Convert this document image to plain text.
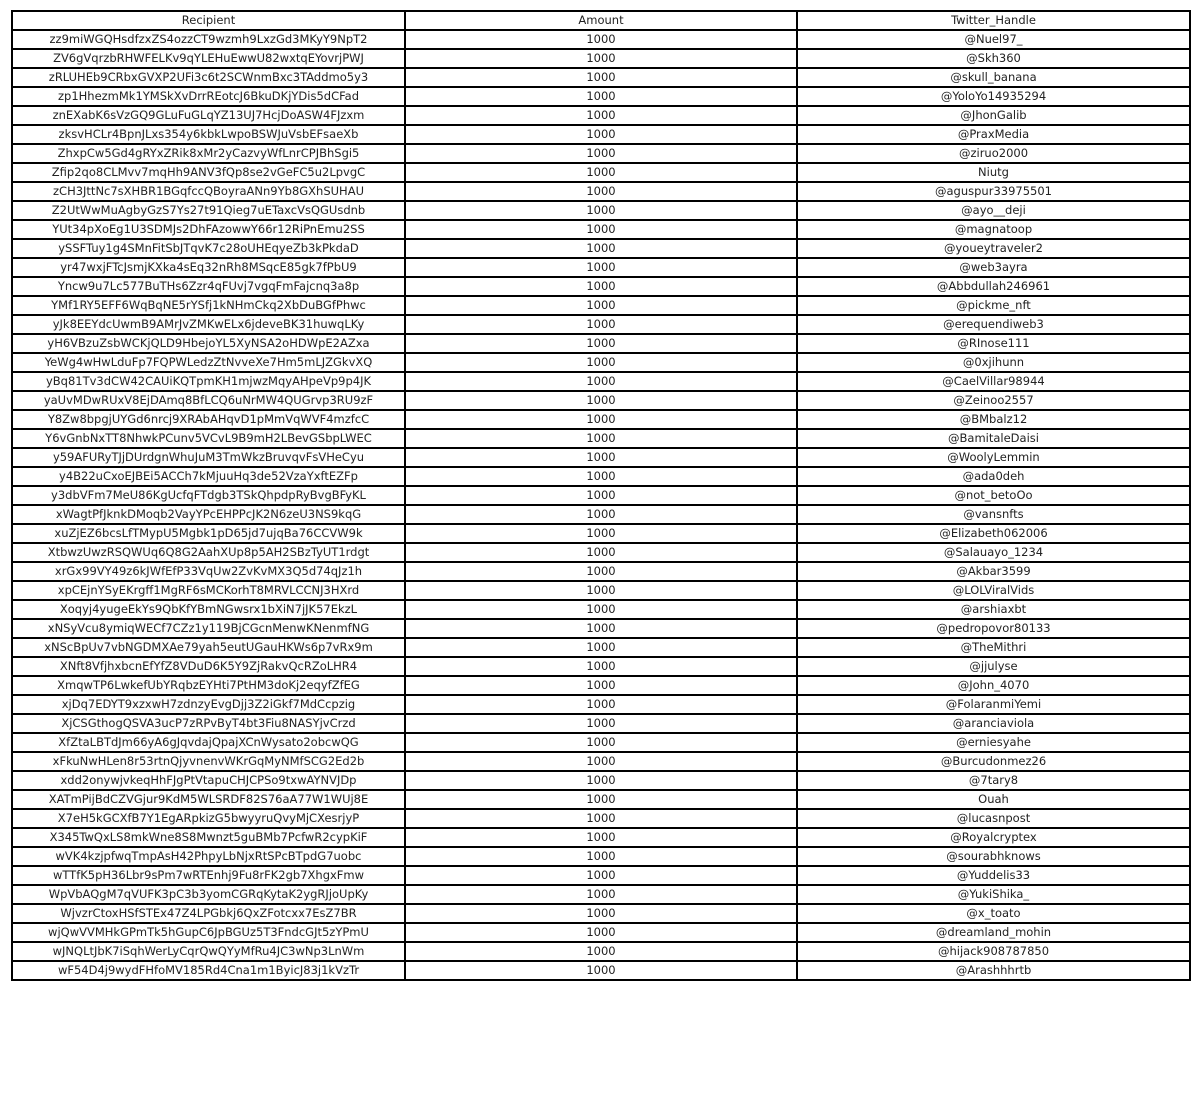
Recipient	Amount	Twitter_Handle
zz9miWGQHsdfzxZS4ozzCT9wzmh9LxzGd3MKyY9NpT2	1000	@Nuel97_
ZV6gVqrzbRHWFELKv9qYLEHuEwwU82wxtqEYovrjPWJ	1000	@Skh360
zRLUHEb9CRbxGVXP2UFi3c6t2SCWnmBxc3TAddmo5y3	1000	@skull_banana
zp1HhezmMk1YMSkXvDrrREotcJ6BkuDKjYDis5dCFad	1000	@YoloYo14935294
znEXabK6sVzGQ9GLuFuGLqYZ13UJ7HcjDoASW4FJzxm	1000	@JhonGalib
zksvHCLr4BpnJLxs354y6kbkLwpoBSWJuVsbEFsaeXb	1000	@PraxMedia
ZhxpCw5Gd4gRYxZRik8xMr2yCazvyWfLnrCPJBhSgi5	1000	@ziruo2000
Zfip2qo8CLMvv7mqHh9ANV3fQp8se2vGeFC5u2LpvgC	1000	Niutg
zCH3JttNc7sXHBR1BGqfccQBoyraANn9Yb8GXhSUHAU	1000	@aguspur33975501
Z2UtWwMuAgbyGzS7Ys27t91Qieg7uETaxcVsQGUsdnb	1000	@ayo__deji
YUt34pXoEg1U3SDMJs2DhFAzowwY66r12RiPnEmu2SS	1000	@magnatoop
ySSFTuy1g4SMnFitSbJTqvK7c28oUHEqyeZb3kPkdaD	1000	@youeytraveler2
yr47wxjFTcJsmjKXka4sEq32nRh8MSqcE85gk7fPbU9	1000	@web3ayra
Yncw9u7Lc577BuTHs6Zzr4qFUvj7vgqFmFajcnq3a8p	1000	@Abbdullah246961
YMf1RY5EFF6WqBqNE5rYSfj1kNHmCkq2XbDuBGfPhwc	1000	@pickme_nft
yJk8EEYdcUwmB9AMrJvZMKwELx6jdeveBK31huwqLKy	1000	@erequendiweb3
yH6VBzuZsbWCKjQLD9HbejoYL5XyNSA2oHDWpE2AZxa	1000	@RInose111
YeWg4wHwLduFp7FQPWLedzZtNvveXe7Hm5mLJZGkvXQ	1000	@0xjihunn
yBq81Tv3dCW42CAUiKQTpmKH1mjwzMqyAHpeVp9p4JK	1000	@CaelVillar98944
yaUvMDwRUxV8EjDAmq8BfLCQ6uNrMW4QUGrvp3RU9zF	1000	@Zeinoo2557
Y8Zw8bpgjUYGd6nrcj9XRAbAHqvD1pMmVqWVF4mzfcC	1000	@BMbalz12
Y6vGnbNxTT8NhwkPCunv5VCvL9B9mH2LBevGSbpLWEC	1000	@BamitaleDaisi
y59AFURyTJjDUrdgnWhuJuM3TmWkzBruvqvFsVHeCyu	1000	@WoolyLemmin
y4B22uCxoEJBEi5ACCh7kMjuuHq3de52VzaYxftEZFp	1000	@ada0deh
y3dbVFm7MeU86KgUcfqFTdgb3TSkQhpdpRyBvgBFyKL	1000	@not_betoOo
xWagtPfJknkDMoqb2VayYPcEHPPcJK2N6zeU3NS9kqG	1000	@vansnfts
xuZjEZ6bcsLfTMypU5Mgbk1pD65jd7ujqBa76CCVW9k	1000	@Elizabeth062006
XtbwzUwzRSQWUq6Q8G2AahXUp8p5AH2SBzTyUT1rdgt	1000	@Salauayo_1234
xrGx99VY49z6kJWfEfP33VqUw2ZvKvMX3Q5d74qJz1h	1000	@Akbar3599
xpCEjnYSyEKrgff1MgRF6sMCKorhT8MRVLCCNJ3HXrd	1000	@LOLViralVids
Xoqyj4yugeEkYs9QbKfYBmNGwsrx1bXiN7jJK57EkzL	1000	@arshiaxbt
xNSyVcu8ymiqWECf7CZz1y119BjCGcnMenwKNenmfNG	1000	@pedropovor80133
xNScBpUv7vbNGDMXAe79yah5eutUGauHKWs6p7vRx9m	1000	@TheMithri
XNft8VfjhxbcnEfYfZ8VDuD6K5Y9ZjRakvQcRZoLHR4	1000	@jjulyse
XmqwTP6LwkefUbYRqbzEYHti7PtHM3doKj2eqyfZfEG	1000	@John_4070
xjDq7EDYT9xzxwH7zdnzyEvgDjj3Z2iGkf7MdCcpzig	1000	@FolaranmiYemi
XjCSGthogQSVA3ucP7zRPvByT4bt3Fiu8NASYjvCrzd	1000	@aranciaviola
XfZtaLBTdJm66yA6gJqvdajQpajXCnWysato2obcwQG	1000	@erniesyahe
xFkuNwHLen8r53rtnQjyvnenvWKrGqMyNMfSCG2Ed2b	1000	@Burcudonmez26
xdd2onywjvkeqHhFJgPtVtapuCHJCPSo9txwAYNVJDp	1000	@7tary8
XATmPijBdCZVGjur9KdM5WLSRDF82S76aA77W1WUj8E	1000	Ouah
X7eH5kGCXfB7Y1EgARpkizG5bwyyruQvyMjCXesrjyP	1000	@lucasnpost
X345TwQxLS8mkWne8S8Mwnzt5guBMb7PcfwR2cypKiF	1000	@Royalcryptex
wVK4kzjpfwqTmpAsH42PhpyLbNjxRtSPcBTpdG7uobc	1000	@sourabhknows
wTTfK5pH36Lbr9sPm7wRTEnhj9Fu8rFK2gb7XhgxFmw	1000	@Yuddelis33
WpVbAQgM7qVUFK3pC3b3yomCGRqKytaK2ygRJjoUpKy	1000	@YukiShika_
WjvzrCtoxHSfSTEx47Z4LPGbkj6QxZFotcxx7EsZ7BR	1000	@x_toato
wjQwVVMHkGPmTk5hGupC6JpBGUz5T3FndcGJt5zYPmU	1000	@dreamland_mohin
wJNQLtJbK7iSqhWerLyCqrQwQYyMfRu4JC3wNp3LnWm	1000	@hijack908787850
wF54D4j9wydFHfoMV185Rd4Cna1m1ByicJ83j1kVzTr	1000	@Arashhhrtb
